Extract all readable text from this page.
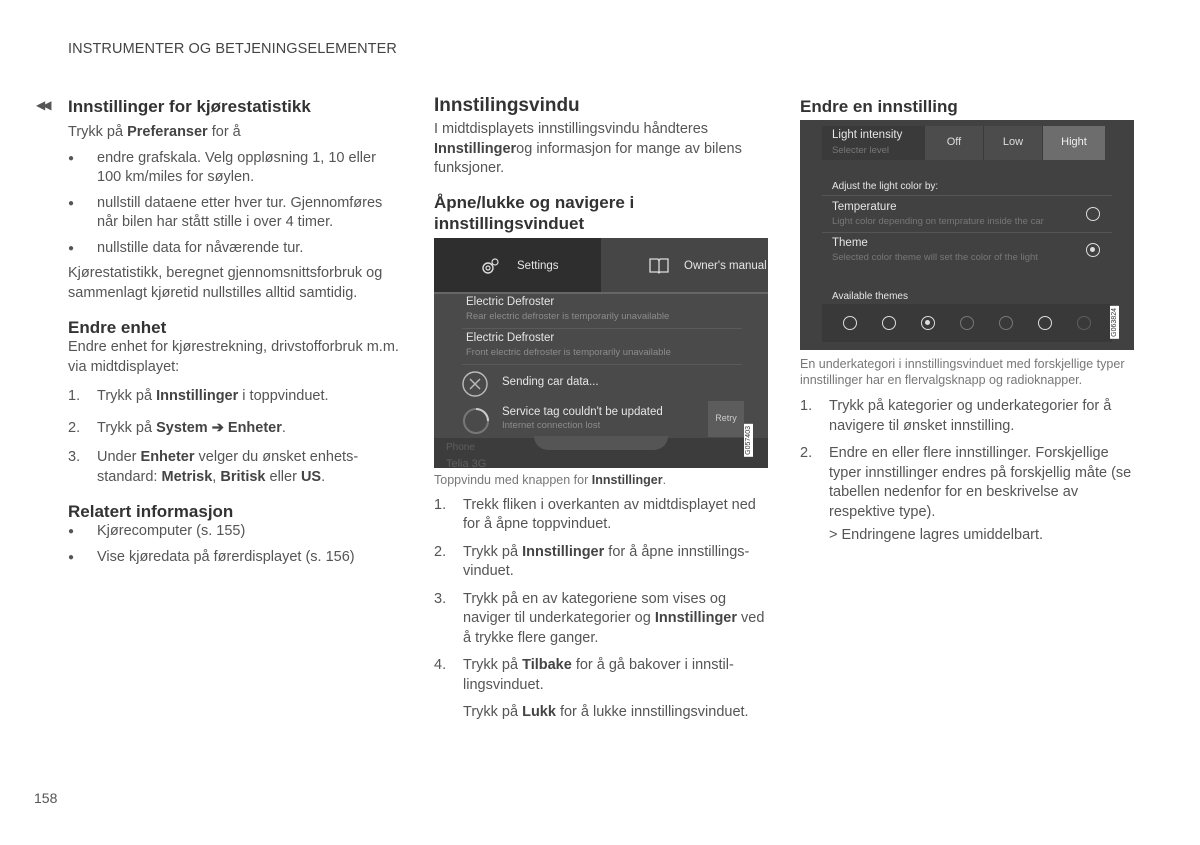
INSTRUMENTER OG BETJENINGSELEMENTER
◀◀ Innstillinger for kjørestatistikk

Trykk på Preferanser for å

● endre grafskala. Velg oppløsning 1, 10 eller 100 km/miles for søylen.
● nullstill dataene etter hver tur. Gjennomføres når bilen har stått stille i over 4 timer.
● nullstille data for nåværende tur.

Kjørestatistikk, beregnet gjennomsnittsforbruk og sammenlagt kjøretid nullstilles alltid samtidig.

Endre enhet

Endre enhet for kjørestrekning, drivstofforbruk m.m. via midtdisplayet:

1. Trykk på Innstillinger i toppvinduet.
2. Trykk på System ➔ Enheter.
3. Under Enheter velger du ønsket enhets-standard: Metrisk, Britisk eller US.
Relatert informasjon
● Kjørecomputer (s. 155)
● Vise kjøredata på førerdisplayet (s. 156)
Innstilingsvindu

I midtdisplayets innstillingsvindu håndteres Innstillingerog informasjon for mange av bilens funksjoner.

Åpne/lukke og navigere i innstillingsvinduet
Settings	Owner's manual
Electric Defroster
Rear electric defroster is temporarily unavailable
Electric Defroster
Front electric defroster is temporarily unavailable
Sending car data...
Service tag couldn't be updated
Internet connection lost
Retry
Phone
Telia 3G
G057403

Toppvindu med knappen for Innstillinger.

1. Trekk fliken i overkanten av midtdisplayet ned for å åpne toppvinduet.
2. Trykk på Innstillinger for å åpne innstillings-vinduet.
3. Trykk på en av kategoriene som vises og naviger til underkategorier og Innstillinger ved å trykke flere ganger.
4. Trykk på Tilbake for å gå bakover i innstil-lingsvinduet.

Trykk på Lukk for å lukke innstillingsvinduet.

Endre en innstilling
Light intensity
Selecter level
Off	Low	Hight
Adjust the light color by:
Temperature
Light color depending on temprature inside the car
Theme
Selected color theme will set the color of the light
Available themes
G063824

En underkategori i innstillingsvinduet med forskjellige typer innstillinger har en flervalgsknapp og radioknapper.

1. Trykk på kategorier og underkategorier for å navigere til ønsket innstilling.
2. Endre en eller flere innstillinger. Forskjellige typer innstillinger endres på forskjellig måte (se tabellen nedenfor for en beskrivelse av respektive type).

> Endringene lagres umiddelbart.

158
